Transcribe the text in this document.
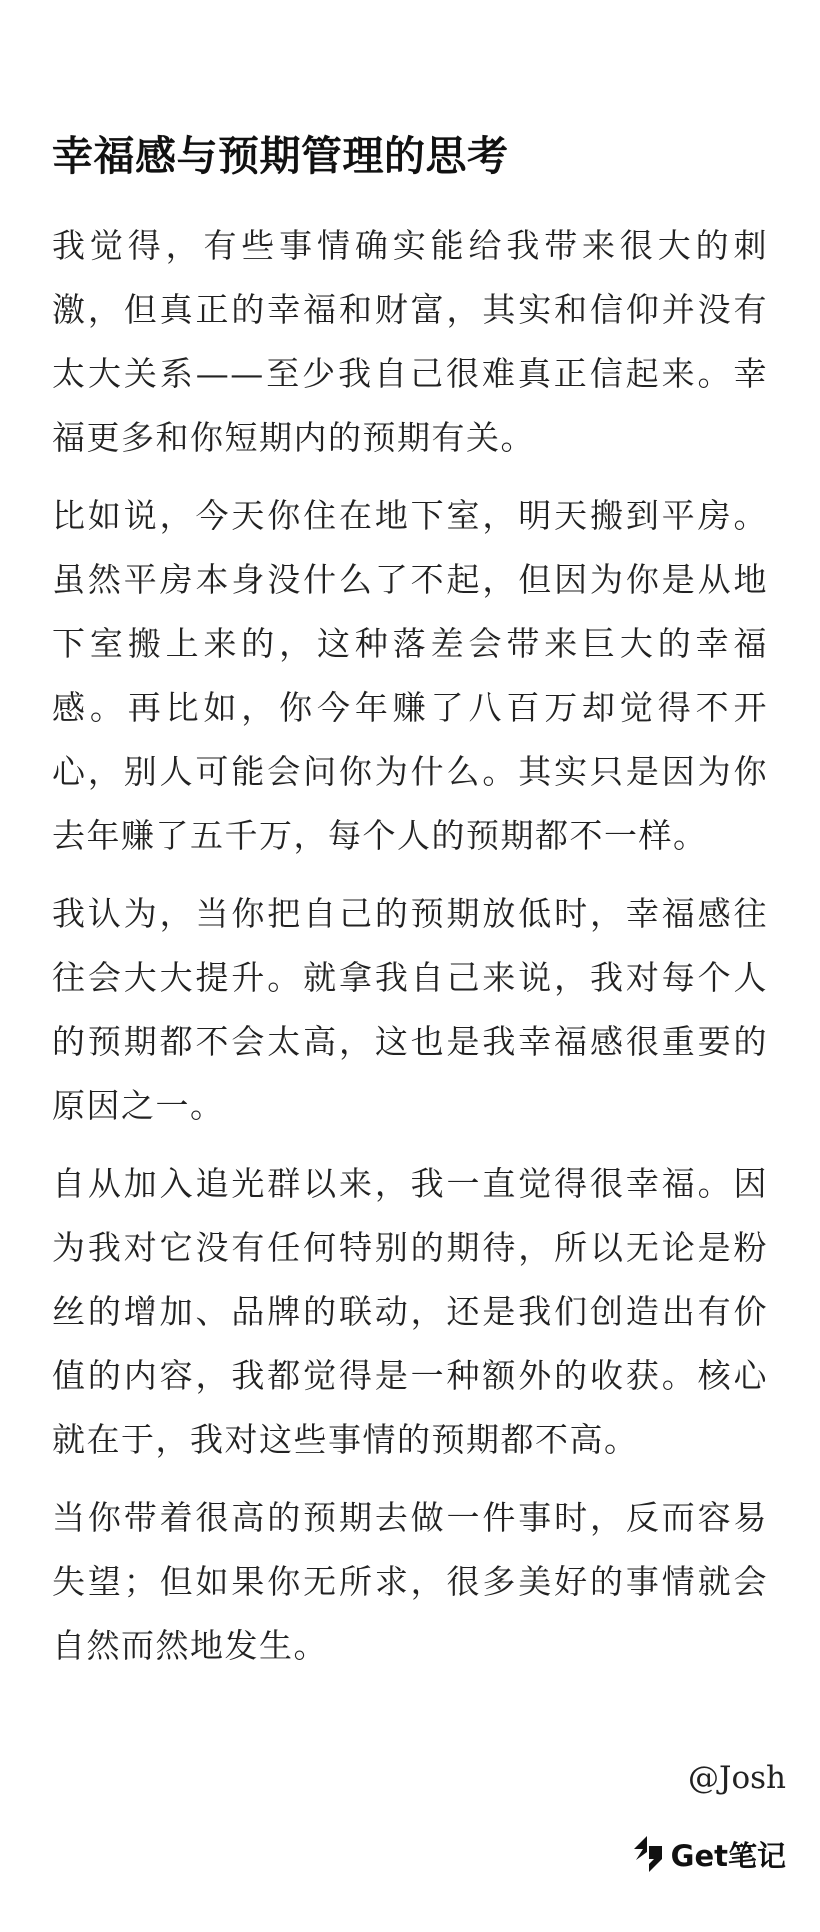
幸福感与预期管理的思考

我觉得，有些事情确实能给我带来很大的刺激，但真正的幸福和财富，其实和信仰并没有太大关系——至少我自己很难真正信起来。幸福更多和你短期内的预期有关。

比如说，今天你住在地下室，明天搬到平房。虽然平房本身没什么了不起，但因为你是从地下室搬上来的，这种落差会带来巨大的幸福感。再比如，你今年赚了八百万却觉得不开心，别人可能会问你为什么。其实只是因为你去年赚了五千万，每个人的预期都不一样。

我认为，当你把自己的预期放低时，幸福感往往会大大提升。就拿我自己来说，我对每个人的预期都不会太高，这也是我幸福感很重要的原因之一。

自从加入追光群以来，我一直觉得很幸福。因为我对它没有任何特别的期待，所以无论是粉丝的增加、品牌的联动，还是我们创造出有价值的内容，我都觉得是一种额外的收获。核心就在于，我对这些事情的预期都不高。

当你带着很高的预期去做一件事时，反而容易失望；但如果你无所求，很多美好的事情就会自然而然地发生。

@Josh
Get笔记
